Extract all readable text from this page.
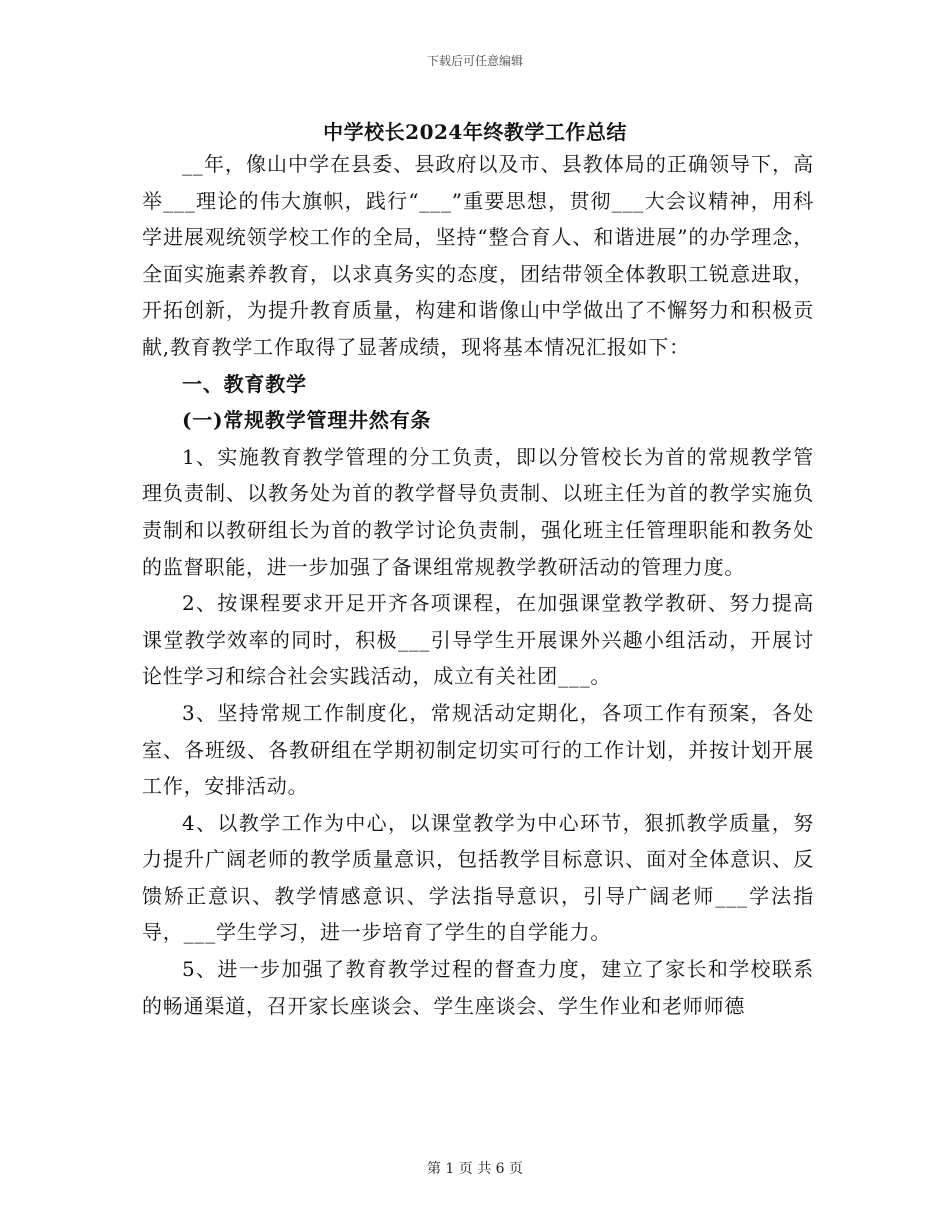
下载后可任意编辑
中学校长2024年终教学工作总结

__年，像山中学在县委、县政府以及市、县教体局的正确领导下，高举___理论的伟大旗帜，践行“___”重要思想，贯彻___大会议精神，用科学进展观统领学校工作的全局，坚持“整合育人、和谐进展”的办学理念，全面实施素养教育，以求真务实的态度，团结带领全体教职工锐意进取，开拓创新，为提升教育质量，构建和谐像山中学做出了不懈努力和积极贡献,教育教学工作取得了显著成绩，现将基本情况汇报如下：

一、教育教学

(一)常规教学管理井然有条

1、实施教育教学管理的分工负责，即以分管校长为首的常规教学管理负责制、以教务处为首的教学督导负责制、以班主任为首的教学实施负责制和以教研组长为首的教学讨论负责制，强化班主任管理职能和教务处的监督职能，进一步加强了备课组常规教学教研活动的管理力度。

2、按课程要求开足开齐各项课程，在加强课堂教学教研、努力提高课堂教学效率的同时，积极___引导学生开展课外兴趣小组活动，开展讨论性学习和综合社会实践活动，成立有关社团___。

3、坚持常规工作制度化，常规活动定期化，各项工作有预案，各处室、各班级、各教研组在学期初制定切实可行的工作计划，并按计划开展工作，安排活动。

4、以教学工作为中心，以课堂教学为中心环节，狠抓教学质量，努力提升广阔老师的教学质量意识，包括教学目标意识、面对全体意识、反馈矫正意识、教学情感意识、学法指导意识，引导广阔老师___学法指导，___学生学习，进一步培育了学生的自学能力。

5、进一步加强了教育教学过程的督查力度，建立了家长和学校联系的畅通渠道，召开家长座谈会、学生座谈会、学生作业和老师师德

第 1 页 共 6 页
